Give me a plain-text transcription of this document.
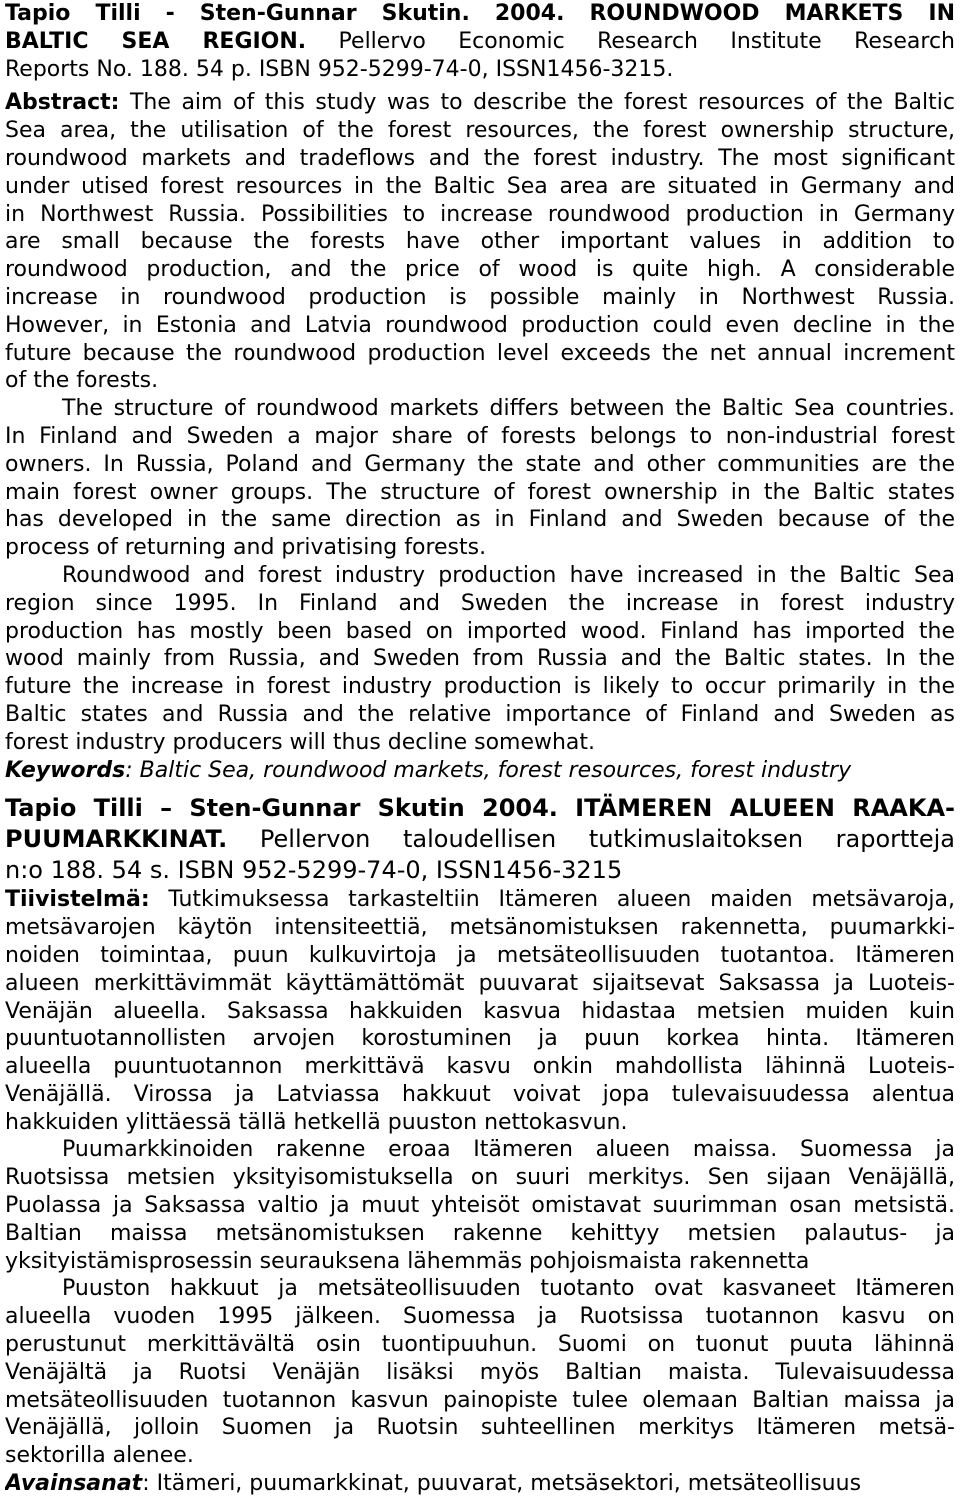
Tapio Tilli - Sten-Gunnar Skutin. 2004. ROUNDWOOD MARKETS IN
BALTIC SEA REGION. Pellervo Economic Research Institute Research
Reports No. 188. 54 p. ISBN 952-5299-74-0, ISSN1456-3215.
Abstract: The aim of this study was to describe the forest resources of the Baltic
Sea area, the utilisation of the forest resources, the forest ownership structure,
roundwood markets and tradeflows and the forest industry. The most significant
under utised forest resources in the Baltic Sea area are situated in Germany and
in Northwest Russia. Possibilities to increase roundwood production in Germany
are small because the forests have other important values in addition to
roundwood production, and the price of wood is quite high. A considerable
increase in roundwood production is possible mainly in Northwest Russia.
However, in Estonia and Latvia roundwood production could even decline in the
future because the roundwood production level exceeds the net annual increment
of the forests.
The structure of roundwood markets differs between the Baltic Sea countries.
In Finland and Sweden a major share of forests belongs to non-industrial forest
owners. In Russia, Poland and Germany the state and other communities are the
main forest owner groups. The structure of forest ownership in the Baltic states
has developed in the same direction as in Finland and Sweden because of the
process of returning and privatising forests.
Roundwood and forest industry production have increased in the Baltic Sea
region since 1995. In Finland and Sweden the increase in forest industry
production has mostly been based on imported wood. Finland has imported the
wood mainly from Russia, and Sweden from Russia and the Baltic states. In the
future the increase in forest industry production is likely to occur primarily in the
Baltic states and Russia and the relative importance of Finland and Sweden as
forest industry producers will thus decline somewhat.
Keywords: Baltic Sea, roundwood markets, forest resources, forest industry
Tapio Tilli – Sten-Gunnar Skutin 2004. ITÄMEREN ALUEEN RAAKA-
PUUMARKKINAT. Pellervon taloudellisen tutkimuslaitoksen raportteja
n:o 188. 54 s. ISBN 952-5299-74-0, ISSN1456-3215
Tiivistelmä: Tutkimuksessa tarkasteltiin Itämeren alueen maiden metsävaroja,
metsävarojen käytön intensiteettiä, metsänomistuksen rakennetta, puumarkki-
noiden toimintaa, puun kulkuvirtoja ja metsäteollisuuden tuotantoa. Itämeren
alueen merkittävimmät käyttämättömät puuvarat sijaitsevat Saksassa ja Luoteis-
Venäjän alueella. Saksassa hakkuiden kasvua hidastaa metsien muiden kuin
puuntuotannollisten arvojen korostuminen ja puun korkea hinta. Itämeren
alueella puuntuotannon merkittävä kasvu onkin mahdollista lähinnä Luoteis-
Venäjällä. Virossa ja Latviassa hakkuut voivat jopa tulevaisuudessa alentua
hakkuiden ylittäessä tällä hetkellä puuston nettokasvun.
Puumarkkinoiden rakenne eroaa Itämeren alueen maissa. Suomessa ja
Ruotsissa metsien yksityisomistuksella on suuri merkitys. Sen sijaan Venäjällä,
Puolassa ja Saksassa valtio ja muut yhteisöt omistavat suurimman osan metsistä.
Baltian maissa metsänomistuksen rakenne kehittyy metsien palautus- ja
yksityistämisprosessin seurauksena lähemmäs pohjoismaista rakennetta
Puuston hakkuut ja metsäteollisuuden tuotanto ovat kasvaneet Itämeren
alueella vuoden 1995 jälkeen. Suomessa ja Ruotsissa tuotannon kasvu on
perustunut merkittävältä osin tuontipuuhun. Suomi on tuonut puuta lähinnä
Venäjältä ja Ruotsi Venäjän lisäksi myös Baltian maista. Tulevaisuudessa
metsäteollisuuden tuotannon kasvun painopiste tulee olemaan Baltian maissa ja
Venäjällä, jolloin Suomen ja Ruotsin suhteellinen merkitys Itämeren metsä-
sektorilla alenee.
Avainsanat: Itämeri, puumarkkinat, puuvarat, metsäsektori, metsäteollisuus
